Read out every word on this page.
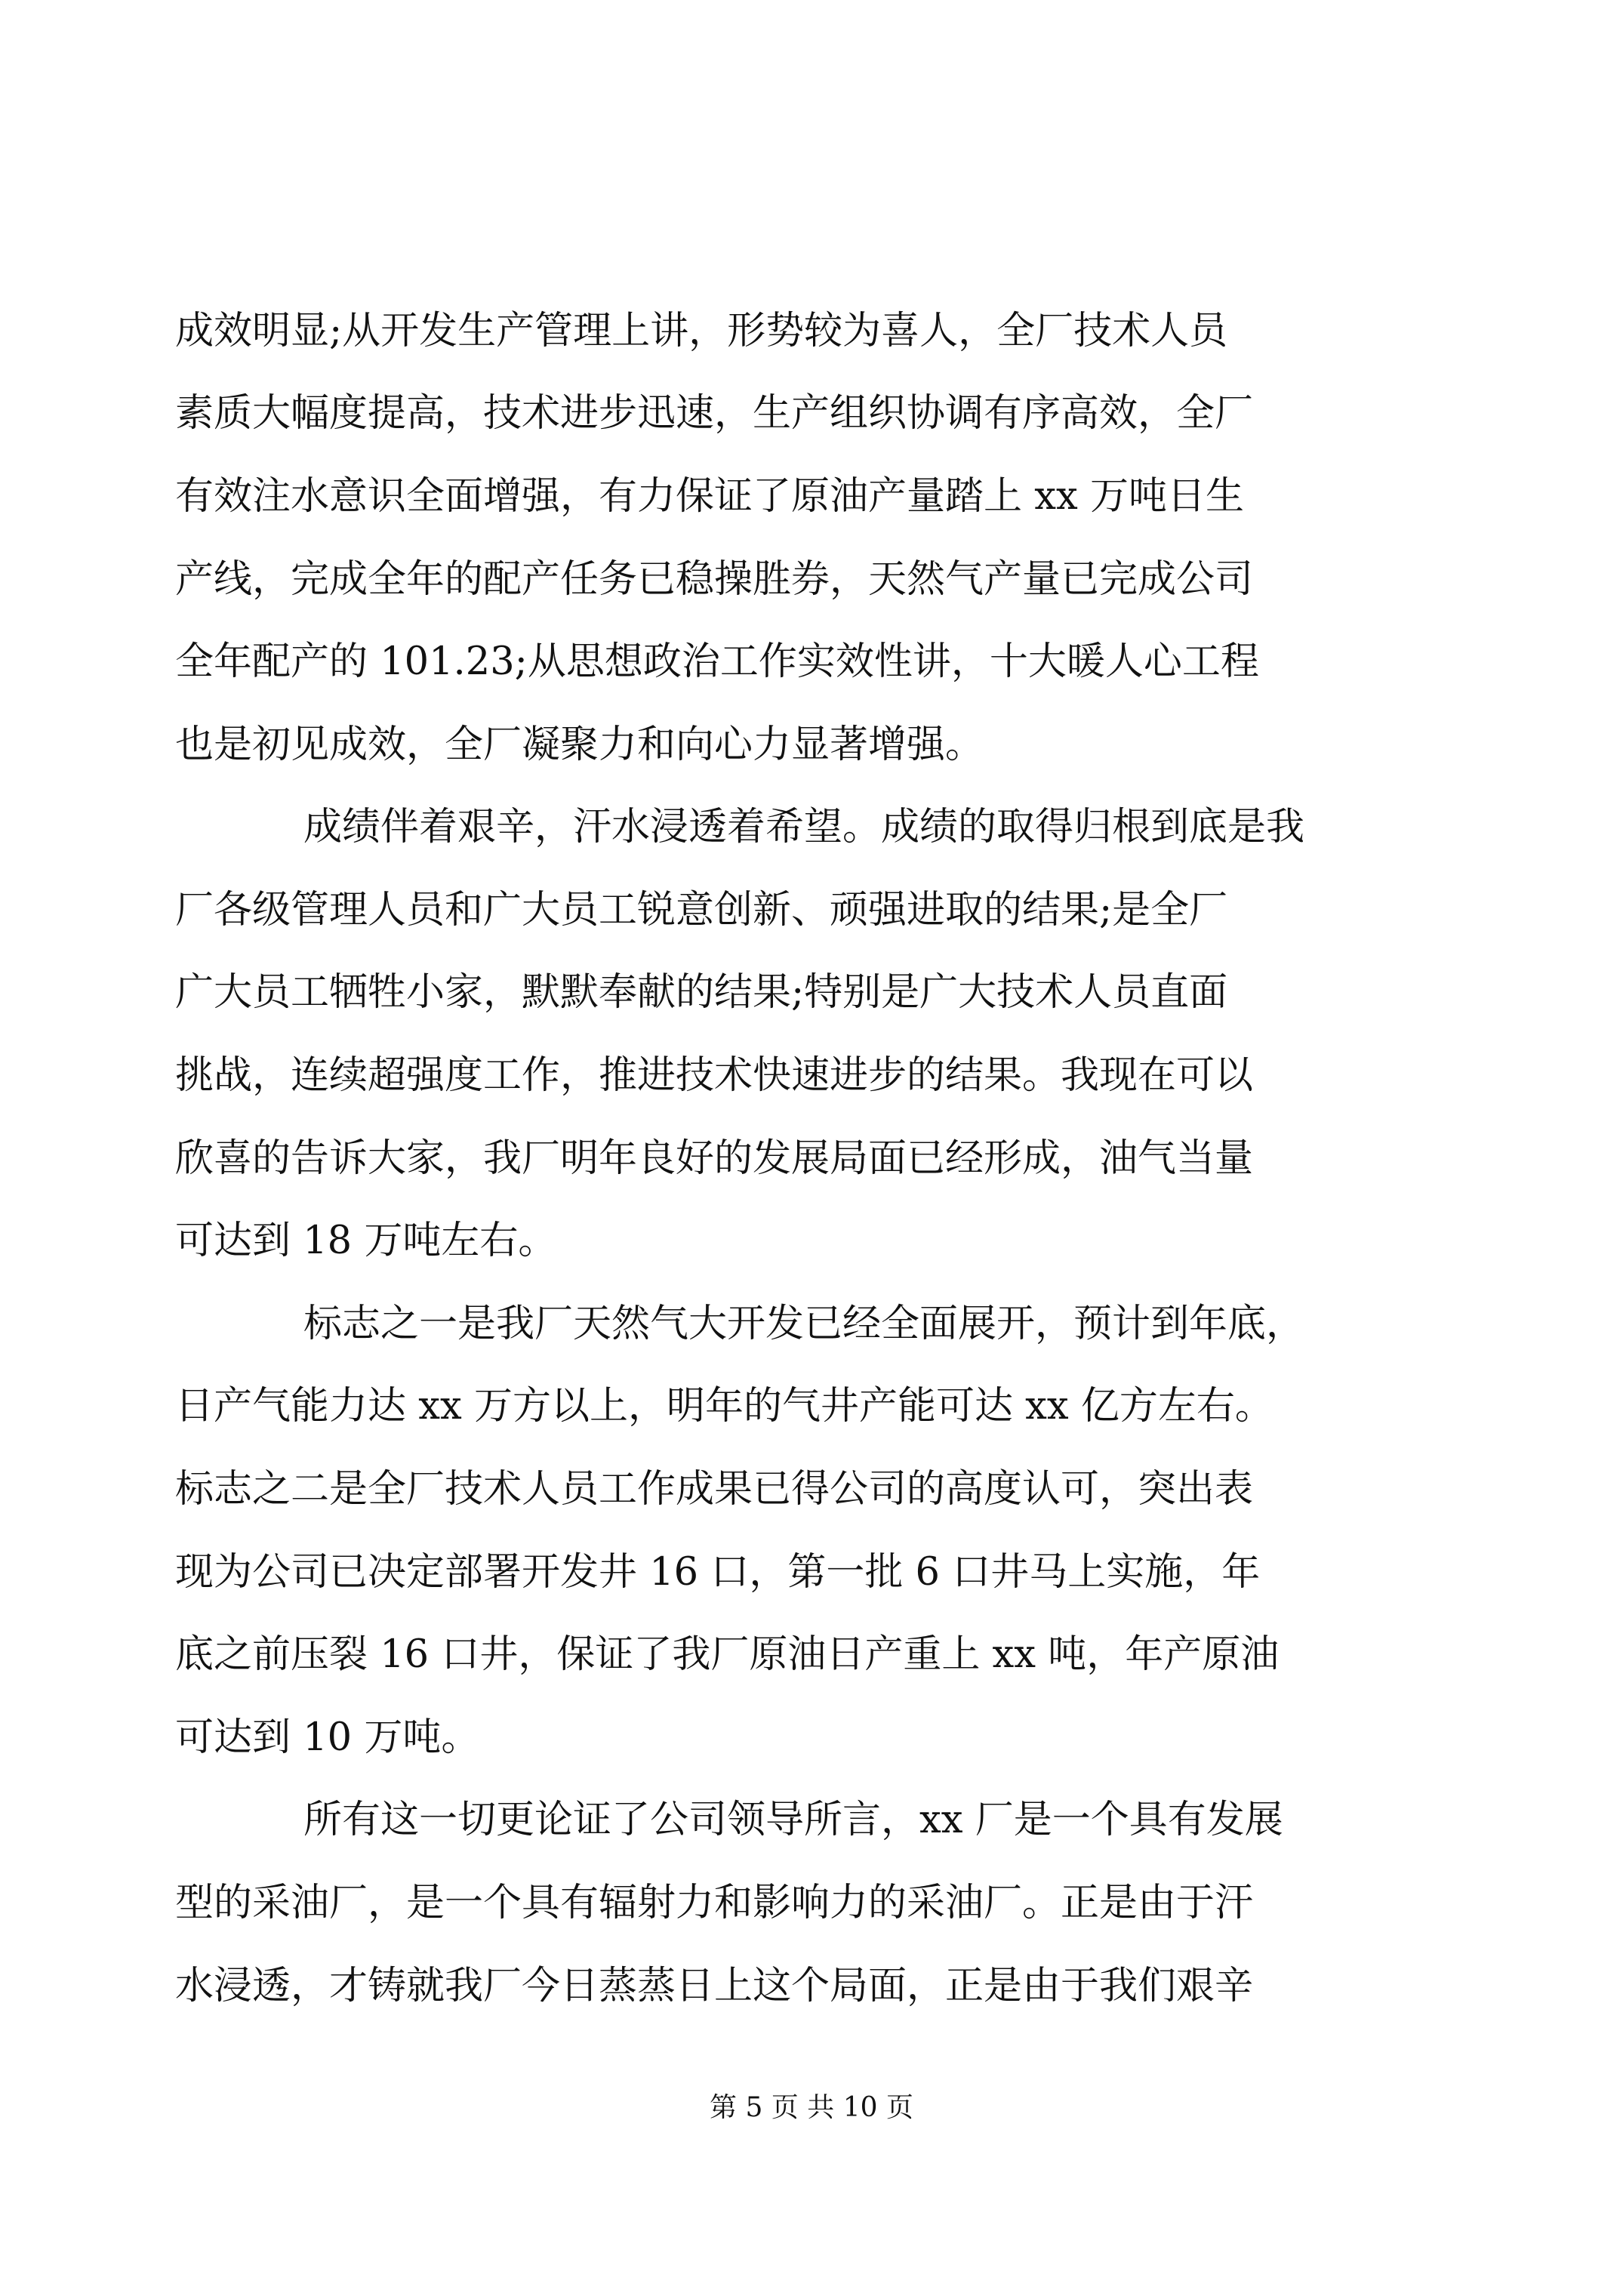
成效明显;从开发生产管理上讲，形势较为喜人，全厂技术人员
素质大幅度提高，技术进步迅速，生产组织协调有序高效，全厂
有效注水意识全面增强，有力保证了原油产量踏上 xx 万吨日生
产线，完成全年的配产任务已稳操胜券，天然气产量已完成公司
全年配产的 101.23;从思想政治工作实效性讲，十大暖人心工程
也是初见成效，全厂凝聚力和向心力显著增强。
成绩伴着艰辛，汗水浸透着希望。成绩的取得归根到底是我
厂各级管理人员和广大员工锐意创新、顽强进取的结果;是全厂
广大员工牺牲小家，默默奉献的结果;特别是广大技术人员直面
挑战，连续超强度工作，推进技术快速进步的结果。我现在可以
欣喜的告诉大家，我厂明年良好的发展局面已经形成，油气当量
可达到 18 万吨左右。
标志之一是我厂天然气大开发已经全面展开，预计到年底，
日产气能力达 xx 万方以上，明年的气井产能可达 xx 亿方左右。
标志之二是全厂技术人员工作成果已得公司的高度认可，突出表
现为公司已决定部署开发井 16 口，第一批 6 口井马上实施，年
底之前压裂 16 口井，保证了我厂原油日产重上 xx 吨，年产原油
可达到 10 万吨。
所有这一切更论证了公司领导所言，xx 厂是一个具有发展
型的采油厂，是一个具有辐射力和影响力的采油厂。正是由于汗
水浸透，才铸就我厂今日蒸蒸日上这个局面，正是由于我们艰辛
第 5 页 共 10 页
